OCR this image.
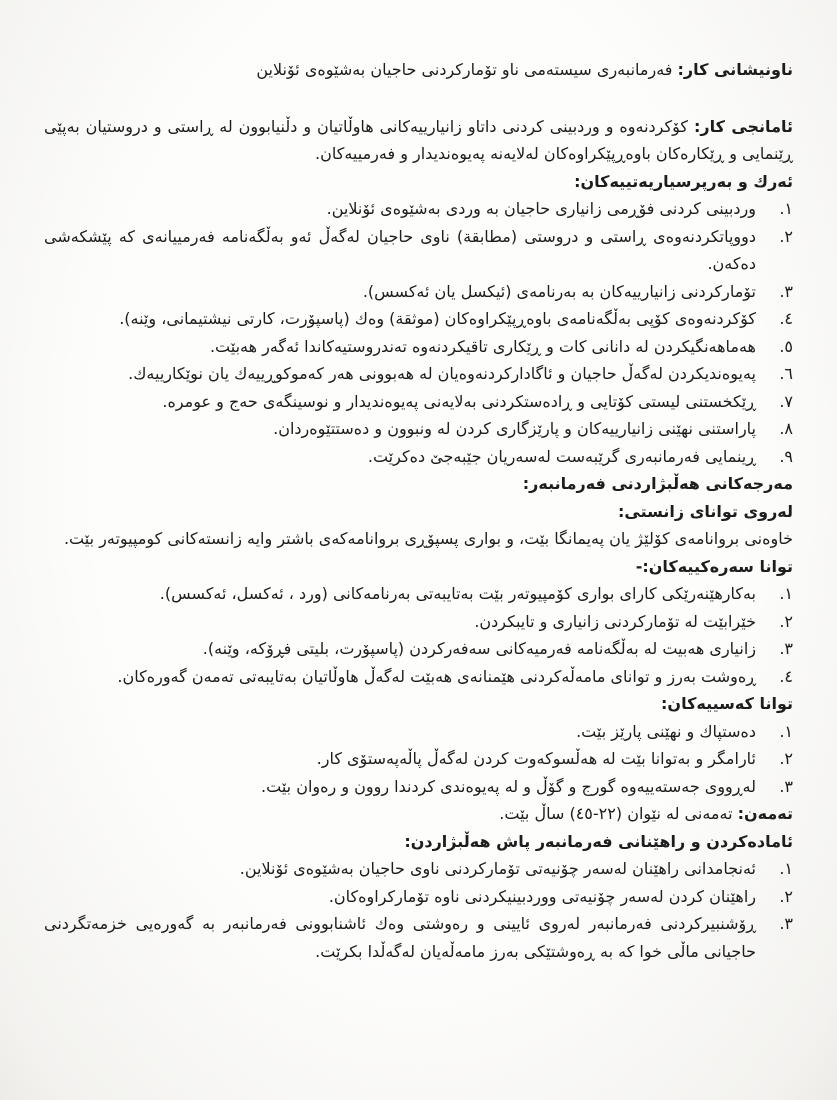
ناونیشانی کار: فەرمانبەری سیستەمی ناو تۆمارکردنی حاجیان بەشێوەی ئۆنلاین

ئامانجی کار: کۆکردنەوە و وردبینی کردنی داتاو زانیارییەکانی هاوڵاتیان و دڵنیابوون لە ڕاستی و دروستیان بەپێی ڕێنمایی و ڕێکارەکان باوەڕپێکراوەکان لەلایەنە پەیوەندیدار و فەرمییەکان.

ئەرك و بەرپرسیاریەتییەکان:
١.
وردبینی کردنی فۆڕمی زانیاری حاجیان بە وردی بەشێوەی ئۆنلاین.
٢.
دووپاتکردنەوەی ڕاستی و دروستی (مطابقة) ناوی حاجیان لەگەڵ ئەو بەڵگەنامە فەرمییانەی کە پێشکەشی دەکەن.
٣.
تۆمارکردنی زانیارییەکان بە بەرنامەی (ئیکسل یان ئەکسس).
٤.
کۆکردنەوەی کۆپی بەڵگەنامەی باوەڕپێکراوەکان (موثقة) وەك (پاسپۆرت، کارتی نیشتیمانی، وێنە).
٥.
هەماهەنگیکردن لە دانانی کات و ڕێکاری تاقیکردنەوە تەندروستیەکاندا ئەگەر هەبێت.
٦.
پەیوەندیکردن لەگەڵ حاجیان و ئاگادارکردنەوەیان لە هەبوونی هەر کەموکوڕییەك یان نوێکارییەك.
٧.
ڕێکخستنی لیستی کۆتایی و ڕادەستکردنی بەلایەنی پەیوەندیدار و نوسینگەی حەج و عومرە.
٨.
پاراستنی نهێنی زانیارییەکان و پارێزگاری کردن لە ونبوون و دەستتێوەردان.
٩.
ڕینمایی فەرمانبەری گرێبەست لەسەریان جێبەجێ دەکرێت.
مەرجەکانی هەڵبژاردنی فەرمانبەر:
لەروی توانای زانستی:

خاوەنی بروانامەی کۆلێژ یان پەیمانگا بێت، و بواری پسپۆڕی بروانامەکەی باشتر وایە زانستەکانی کومپیوتەر بێت.

توانا سەرەکییەکان:-
١.
بەکارهێنەرێکی کارای بواری کۆمپیوتەر بێت بەتایبەتی بەرنامەکانی (ورد ، ئەکسل، ئەکسس).
٢.
خێرابێت لە تۆمارکردنی زانیاری و تایبکردن.
٣.
زانیاری هەبیت لە بەڵگەنامە فەرمیەکانی سەفەرکردن (پاسپۆرت، بلیتی فڕۆکە، وێنە).
٤.
ڕەوشت بەرز و توانای مامەڵەکردنی هێمنانەی هەبێت لەگەڵ هاوڵاتیان بەتایبەتی تەمەن گەورەکان.
توانا کەسییەکان:
١.
دەستپاك و نهێنی پارێز بێت.
٢.
ئارامگر و بەتوانا بێت لە هەڵسوکەوت کردن لەگەڵ پاڵەپەستۆی کار.
٣.
لەڕووی جەستەییەوە گورج و گۆڵ و لە پەیوەندی کردندا روون و رەوان بێت.

تەمەن: تەمەنی لە نێوان (٢٢-٤٥) ساڵ بێت.

ئامادەکردن و راهێنانی فەرمانبەر پاش هەڵبژاردن:
١.
ئەنجامدانی راهێنان لەسەر چۆنیەتی تۆمارکردنی ناوی حاجیان بەشێوەی ئۆنلاین.
٢.
راهێنان کردن لەسەر چۆنیەتی ووردبینیکردنی ناوە تۆمارکراوەکان.
٣.
ڕۆشنبیرکردنی فەرمانبەر لەروی ئایینی و رەوشتی وەك ئاشنابوونی فەرمانبەر بە گەورەیی خزمەتگردنی حاجیانی ماڵی خوا کە بە ڕەوشتێکی بەرز مامەڵەیان لەگەڵدا بکرێت.
